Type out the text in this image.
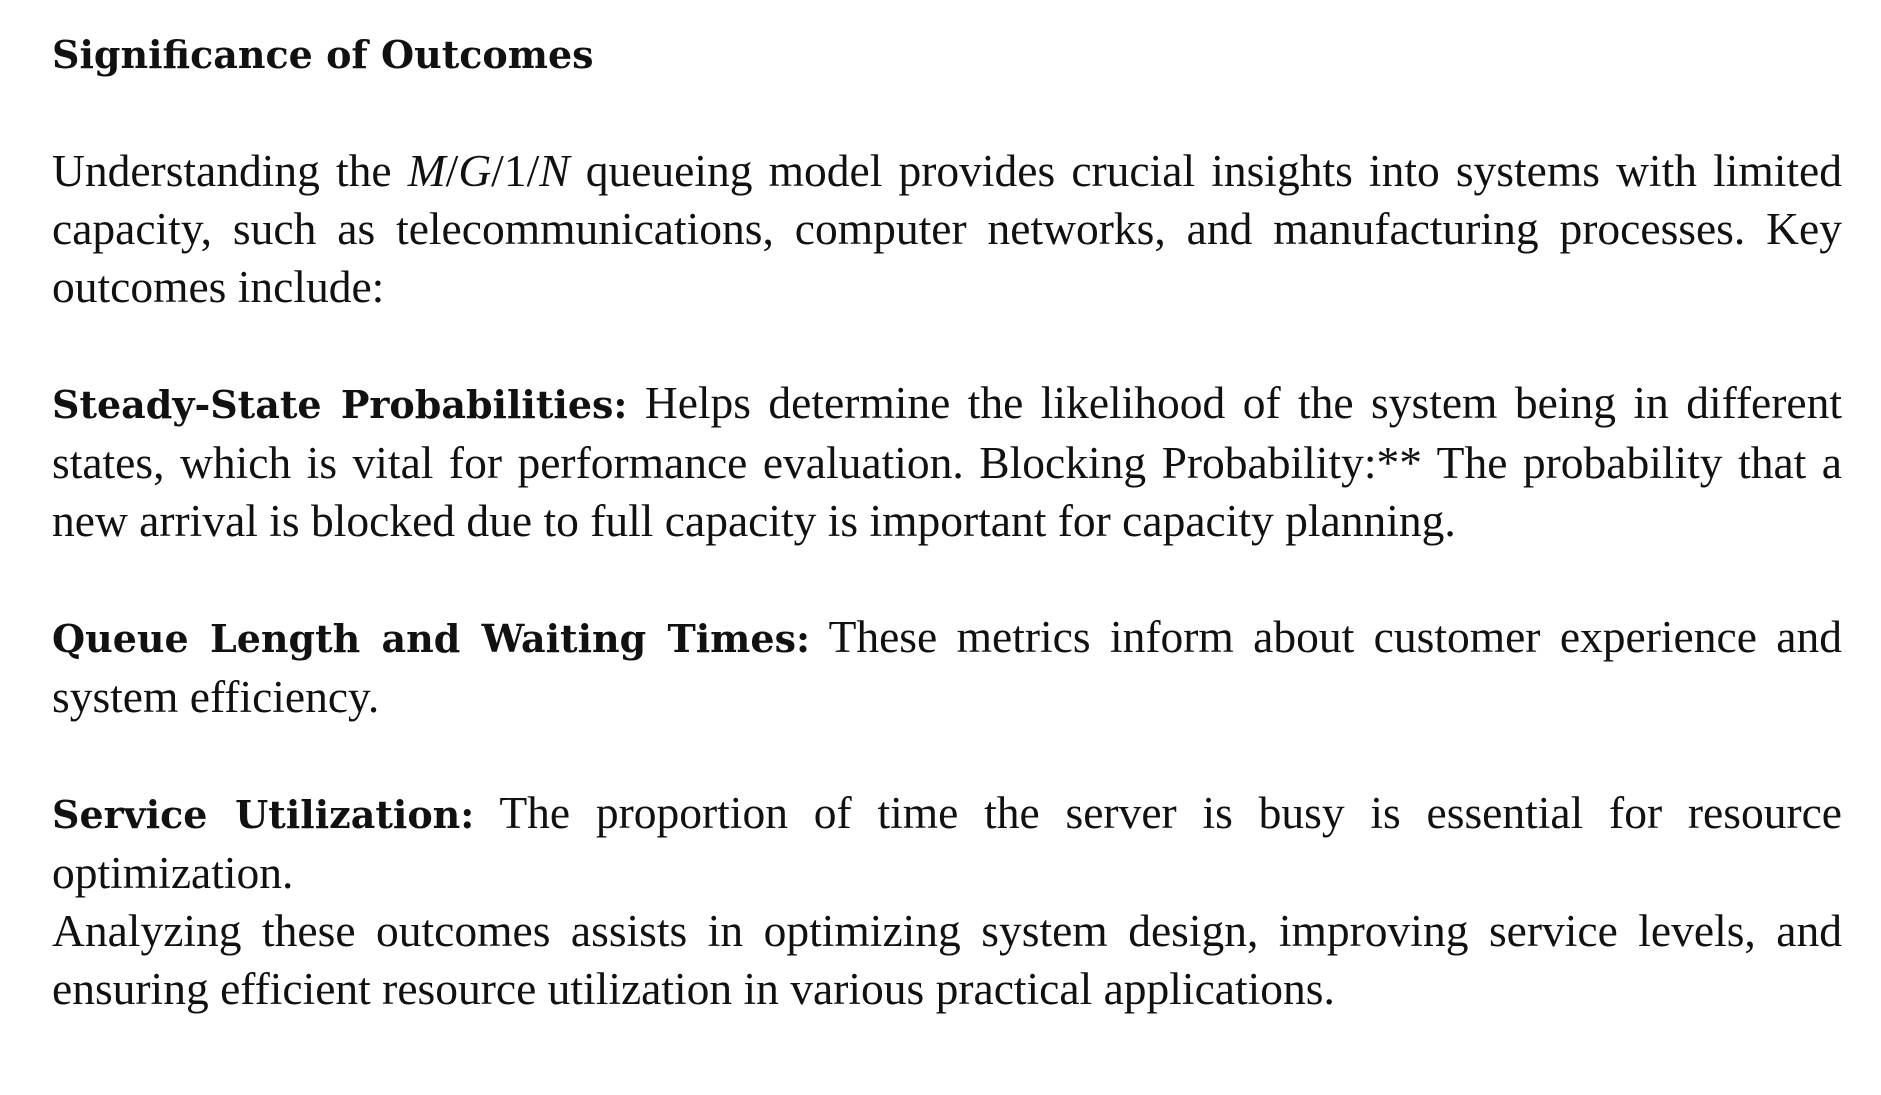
Significance of Outcomes

Understanding the M/G/1/N queueing model provides crucial insights into systems with limited capacity, such as telecommunications, computer networks, and manufacturing processes. Key outcomes include:

Steady-State Probabilities: Helps determine the likelihood of the system being in different states, which is vital for performance evaluation. Blocking Probability:** The probability that a new arrival is blocked due to full capacity is important for capacity planning.

Queue Length and Waiting Times: These metrics inform about customer experience and system efficiency.

Service Utilization: The proportion of time the server is busy is essential for resource optimization.

Analyzing these outcomes assists in optimizing system design, improving service levels, and ensuring efficient resource utilization in various practical applications.
